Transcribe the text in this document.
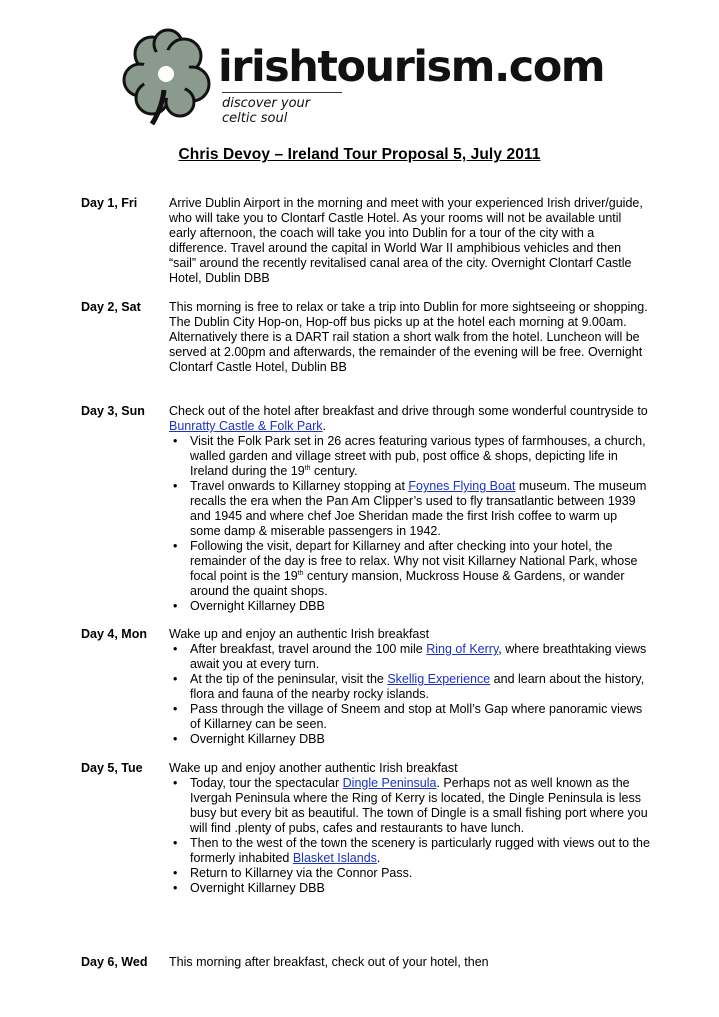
irishtourism.com
discover your celtic soul
Chris Devoy – Ireland Tour Proposal 5, July 2011
Day 1, Fri	Arrive Dublin Airport in the morning and meet with your experienced Irish driver/guide, who will take you to Clontarf Castle Hotel. As your rooms will not be available until early afternoon, the coach will take you into Dublin for a tour of the city with a difference. Travel around the capital in World War II amphibious vehicles and then “sail” around the recently revitalised canal area of the city. Overnight Clontarf Castle Hotel, Dublin DBB

Day 2, Sat This morning is free to relax or take a trip into Dublin for more sightseeing or shopping. The Dublin City Hop-on, Hop-off bus picks up at the hotel each morning at 9.00am. Alternatively there is a DART rail station a short walk from the hotel. Luncheon will be served at 2.00pm and afterwards, the remainder of the evening will be free. Overnight Clontarf Castle Hotel, Dublin BB

Day 3, Sun Check out of the hotel after breakfast and drive through some wonderful countryside to Bunratty Castle & Folk Park.

• Visit the Folk Park set in 26 acres featuring various types of farmhouses, a church, walled garden and village street with pub, post office & shops, depicting life in Ireland during the 19th century.
• Travel onwards to Killarney stopping at Foynes Flying Boat museum. The museum recalls the era when the Pan Am Clipper’s used to fly transatlantic between 1939 and 1945 and where chef Joe Sheridan made the first Irish coffee to warm up some damp & miserable passengers in 1942.
• Following the visit, depart for Killarney and after checking into your hotel, the remainder of the day is free to relax. Why not visit Killarney National Park, whose focal point is the 19th century mansion, Muckross House & Gardens, or wander around the quaint shops.
• Overnight Killarney DBB
Day 4, Mon Wake up and enjoy an authentic Irish breakfast

• After breakfast, travel around the 100 mile Ring of Kerry, where breathtaking views await you at every turn.
• At the tip of the peninsular, visit the Skellig Experience and learn about the history, flora and fauna of the nearby rocky islands.
• Pass through the village of Sneem and stop at Moll’s Gap where panoramic views of Killarney can be seen.
• Overnight Killarney DBB
Day 5, Tue Wake up and enjoy another authentic Irish breakfast

• Today, tour the spectacular Dingle Peninsula. Perhaps not as well known as the Ivergah Peninsula where the Ring of Kerry is located, the Dingle Peninsula is less busy but every bit as beautiful. The town of Dingle is a small fishing port where you will find .plenty of pubs, cafes and restaurants to have lunch.
• Then to the west of the town the scenery is particularly rugged with views out to the formerly inhabited Blasket Islands.
• Return to Killarney via the Connor Pass.
• Overnight Killarney DBB
Day 6, Wed This morning after breakfast, check out of your hotel, then
